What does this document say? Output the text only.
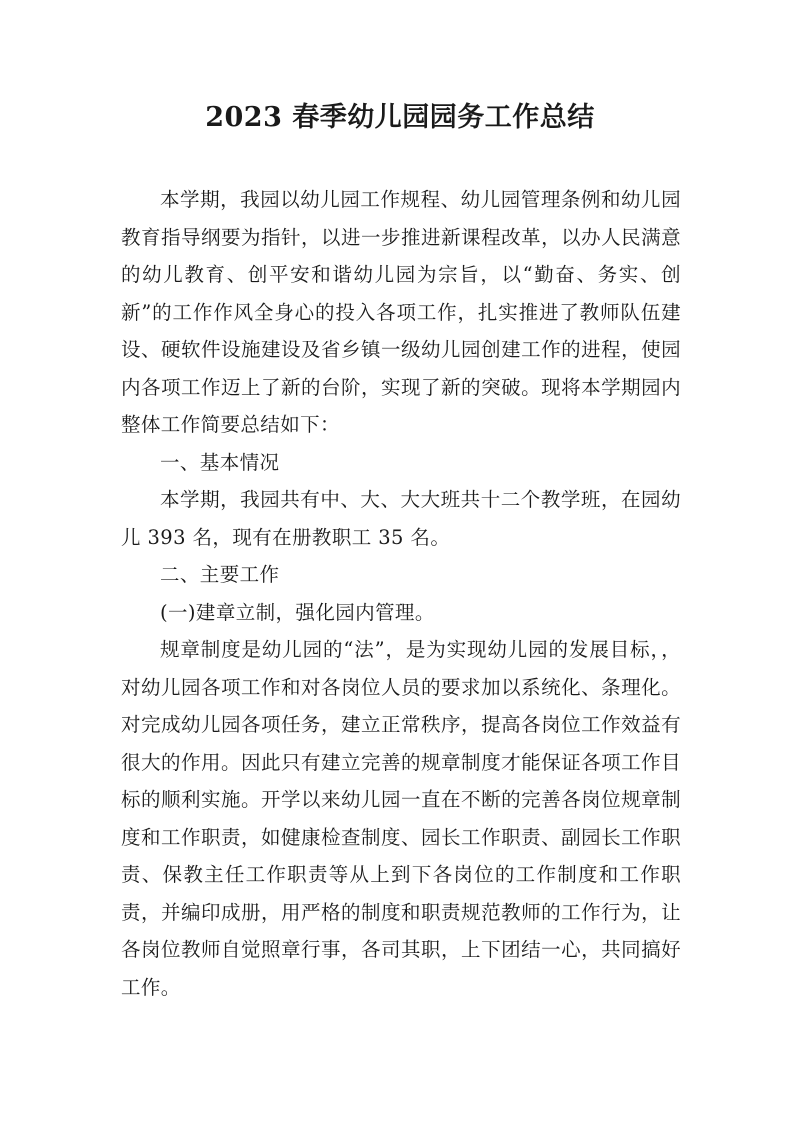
2023 春季幼儿园园务工作总结

本学期，我园以幼儿园工作规程、幼儿园管理条例和幼儿园教育指导纲要为指针，以进一步推进新课程改革，以办人民满意的幼儿教育、创平安和谐幼儿园为宗旨，以“勤奋、务实、创新”的工作作风全身心的投入各项工作，扎实推进了教师队伍建设、硬软件设施建设及省乡镇一级幼儿园创建工作的进程，使园内各项工作迈上了新的台阶，实现了新的突破。现将本学期园内整体工作简要总结如下：

一、基本情况

本学期，我园共有中、大、大大班共十二个教学班，在园幼儿 393 名，现有在册教职工 35 名。

二、主要工作

(一)建章立制，强化园内管理。

规章制度是幼儿园的“法”，是为实现幼儿园的发展目标，，对幼儿园各项工作和对各岗位人员的要求加以系统化、条理化。对完成幼儿园各项任务，建立正常秩序，提高各岗位工作效益有很大的作用。因此只有建立完善的规章制度才能保证各项工作目标的顺利实施。开学以来幼儿园一直在不断的完善各岗位规章制度和工作职责，如健康检查制度、园长工作职责、副园长工作职责、保教主任工作职责等从上到下各岗位的工作制度和工作职责，并编印成册，用严格的制度和职责规范教师的工作行为，让各岗位教师自觉照章行事，各司其职，上下团结一心，共同搞好工作。
